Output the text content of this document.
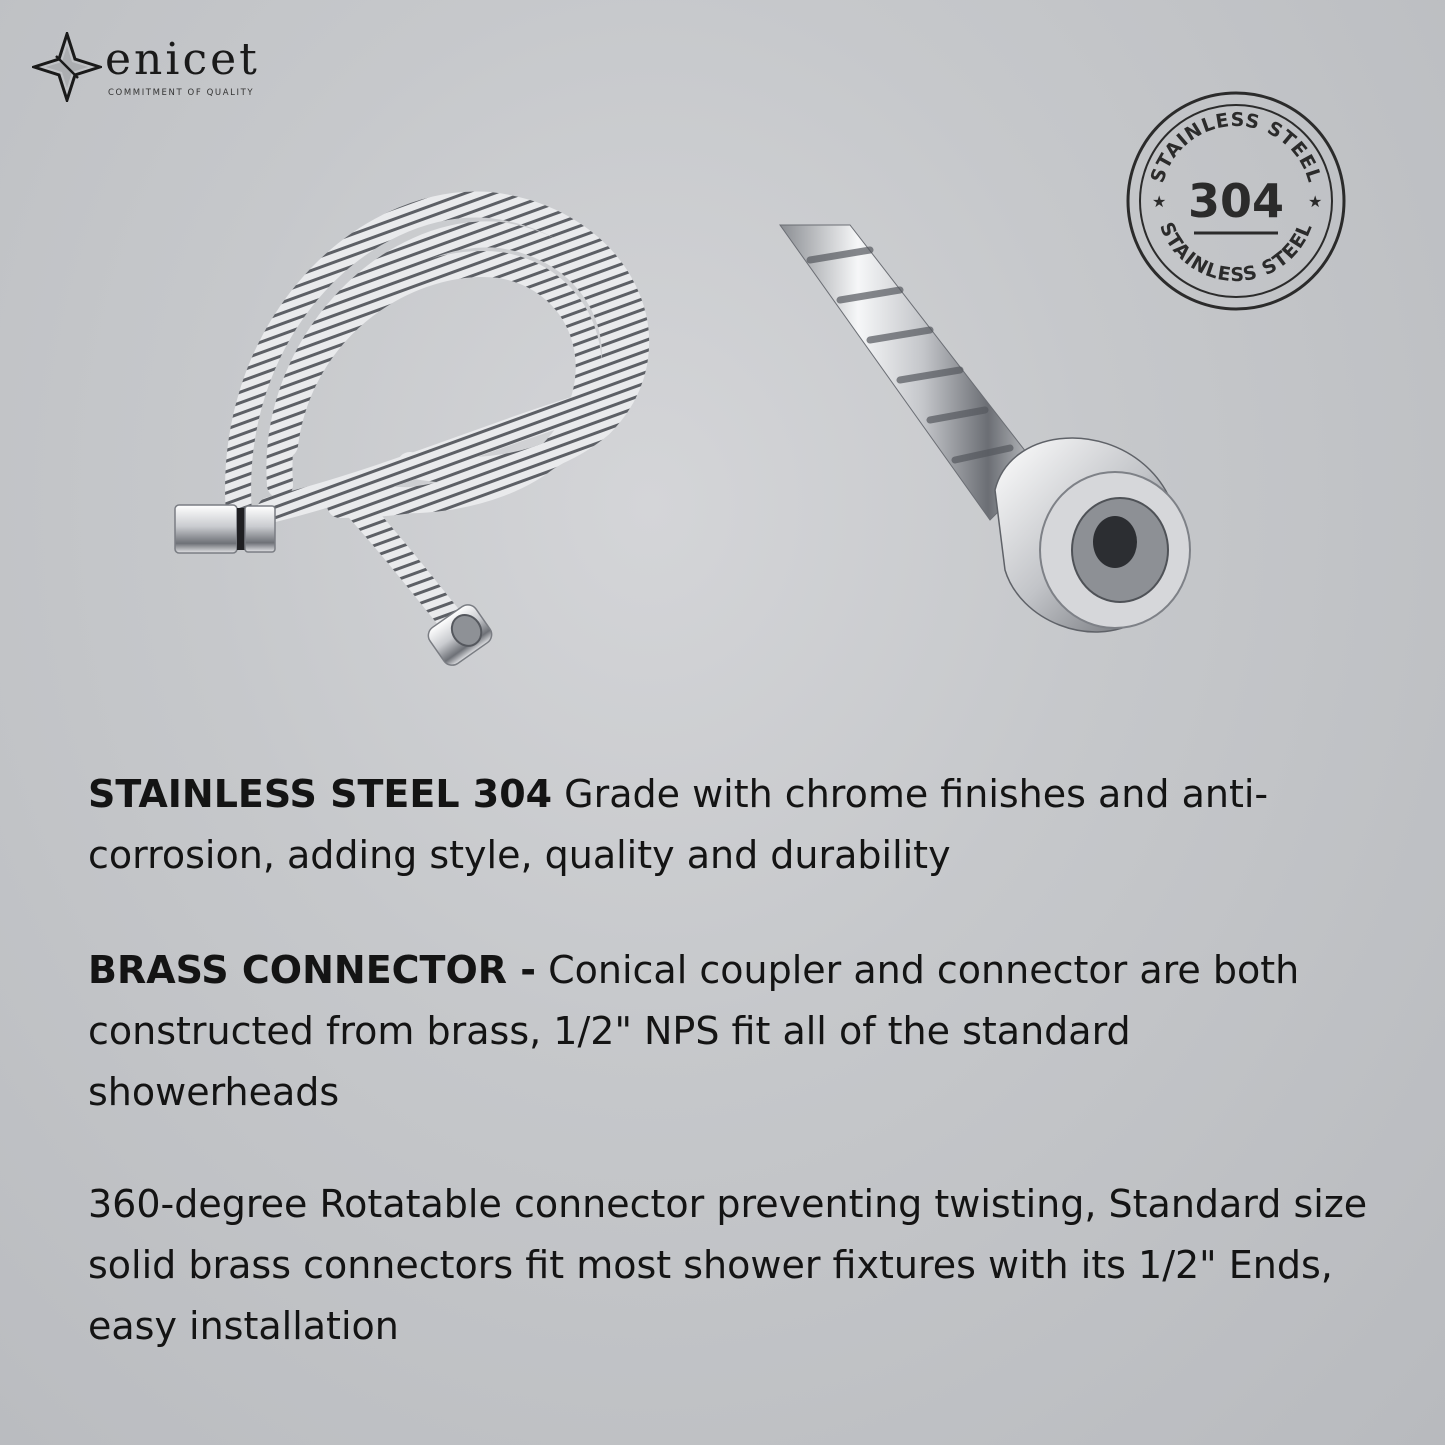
enicet
COMMITMENT OF QUALITY
STAINLESS STEEL
STAINLESS STEEL
304
★	★
STAINLESS STEEL 304 Grade with chrome finishes and anti-corrosion, adding style, quality and durability
BRASS CONNECTOR - Conical coupler and connector are both constructed from brass, 1/2" NPS fit all of the standard showerheads
360-degree Rotatable connector preventing twisting, Standard size solid brass connectors fit most shower fixtures with its 1/2" Ends, easy installation
